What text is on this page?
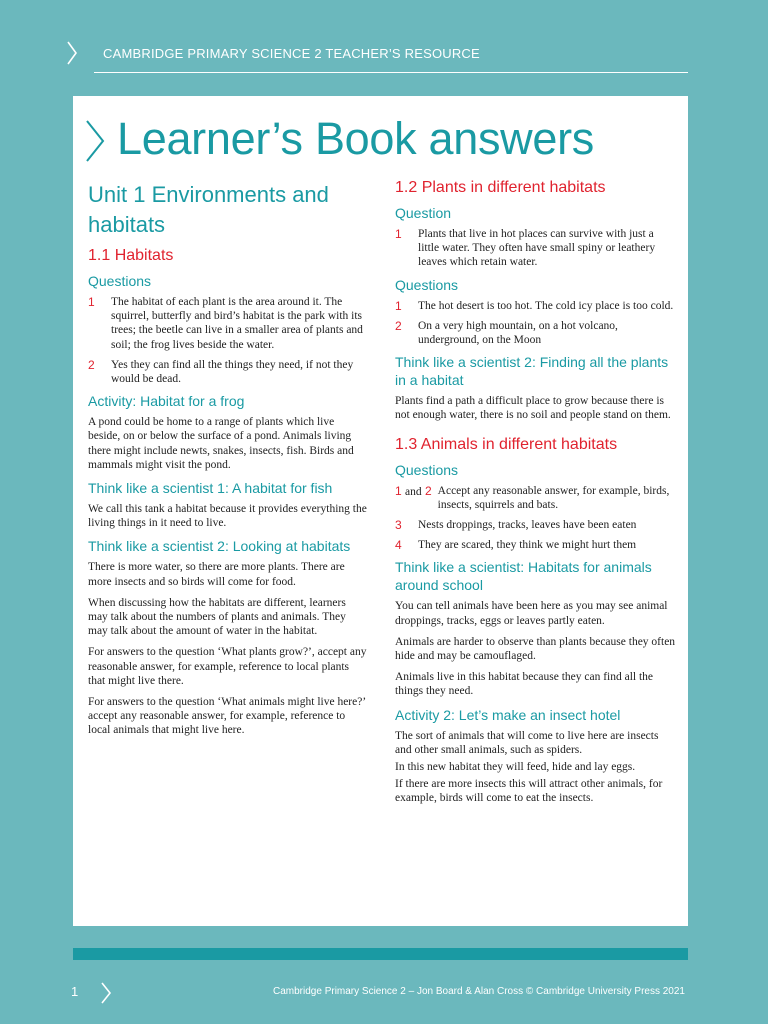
CAMBRIDGE PRIMARY SCIENCE 2 TEACHER’S RESOURCE
Learner’s Book answers
Unit 1 Environments and habitats
1.1 Habitats
Questions
1	The habitat of each plant is the area around it. The squirrel, butterfly and bird’s habitat is the park with its trees; the beetle can live in a smaller area of plants and soil; the frog lives beside the water.
2	Yes they can find all the things they need, if not they would be dead.
Activity: Habitat for a frog

A pond could be home to a range of plants which live beside, on or below the surface of a pond. Animals living there might include newts, snakes, insects, fish. Birds and mammals might visit the pond.

Think like a scientist 1: A habitat for fish

We call this tank a habitat because it provides everything the living things in it need to live.

Think like a scientist 2: Looking at habitats

There is more water, so there are more plants. There are more insects and so birds will come for food.

When discussing how the habitats are different, learners may talk about the numbers of plants and animals. They may talk about the amount of water in the habitat.

For answers to the question ‘What plants grow?’, accept any reasonable answer, for example, reference to local plants that might live there.

For answers to the question ‘What animals might live here?’ accept any reasonable answer, for example, reference to local animals that might live here.

1.2 Plants in different habitats
Question
1	Plants that live in hot places can survive with just a little water. They often have small spiny or leathery leaves which retain water.
Questions
1	The hot desert is too hot. The cold icy place is too cold.
2	On a very high mountain, on a hot volcano, underground, on the Moon
Think like a scientist 2: Finding all the plants in a habitat

Plants find a path a difficult place to grow because there is not enough water, there is no soil and people stand on them.

1.3 Animals in different habitats
Questions
1 and 2 Accept any reasonable answer, for example, birds, insects, squirrels and bats.
3	Nests droppings, tracks, leaves have been eaten
4	They are scared, they think we might hurt them
Think like a scientist: Habitats for animals around school

You can tell animals have been here as you may see animal droppings, tracks, eggs or leaves partly eaten.

Animals are harder to observe than plants because they often hide and may be camouflaged.

Animals live in this habitat because they can find all the things they need.

Activity 2: Let’s make an insect hotel

The sort of animals that will come to live here are insects and other small animals, such as spiders.

In this new habitat they will feed, hide and lay eggs.

If there are more insects this will attract other animals, for example, birds will come to eat the insects.

1	Cambridge Primary Science 2 – Jon Board & Alan Cross © Cambridge University Press 2021
